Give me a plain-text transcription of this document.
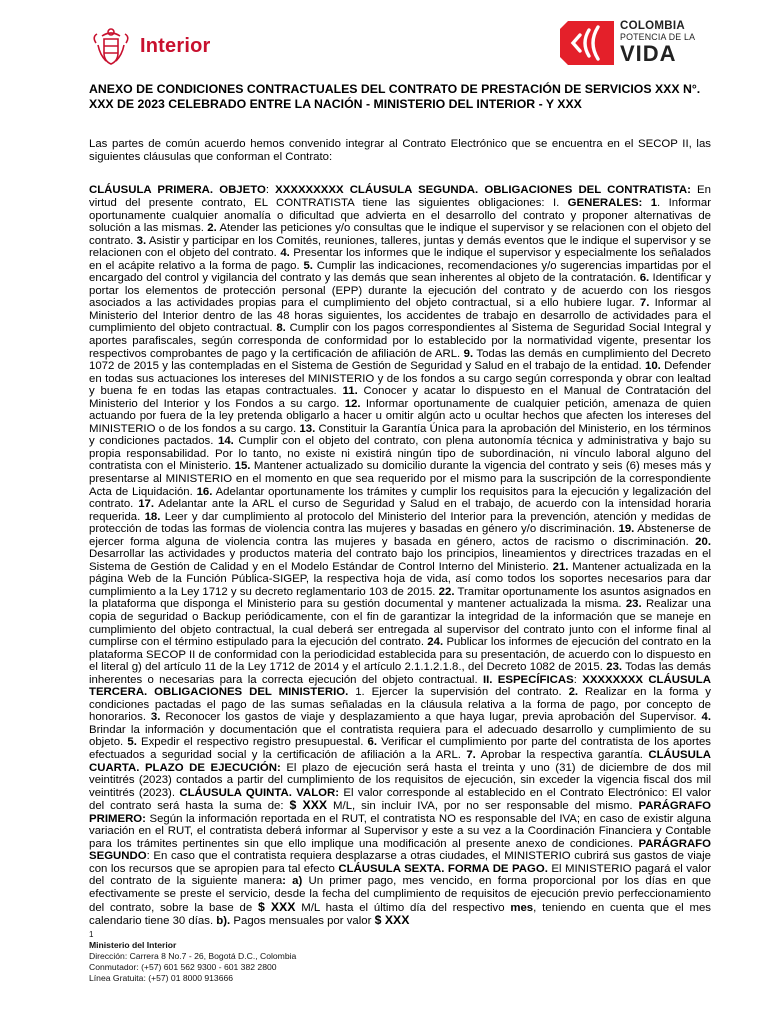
Interior
COLOMBIA
POTENCIA DE LA
VIDA

ANEXO DE CONDICIONES CONTRACTUALES DEL CONTRATO DE PRESTACIÓN DE SERVICIOS XXX N°. XXX DE 2023 CELEBRADO ENTRE LA NACIÓN - MINISTERIO DEL INTERIOR - Y XXX

Las partes de común acuerdo hemos convenido integrar al Contrato Electrónico que se encuentra en el SECOP II, las siguientes cláusulas que conforman el Contrato:

CLÁUSULA PRIMERA. OBJETO: XXXXXXXXX CLÁUSULA SEGUNDA. OBLIGACIONES DEL CONTRATISTA: En virtud del presente contrato, EL CONTRATISTA tiene las siguientes obligaciones: I. GENERALES: 1. Informar oportunamente cualquier anomalía o dificultad que advierta en el desarrollo del contrato y proponer alternativas de solución a las mismas. 2. Atender las peticiones y/o consultas que le indique el supervisor y se relacionen con el objeto del contrato. 3. Asistir y participar en los Comités, reuniones, talleres, juntas y demás eventos que le indique el supervisor y se relacionen con el objeto del contrato. 4. Presentar los informes que le indique el supervisor y especialmente los señalados en el acápite relativo a la forma de pago. 5. Cumplir las indicaciones, recomendaciones y/o sugerencias impartidas por el encargado del control y vigilancia del contrato y las demás que sean inherentes al objeto de la contratación. 6. Identificar y portar los elementos de protección personal (EPP) durante la ejecución del contrato y de acuerdo con los riesgos asociados a las actividades propias para el cumplimiento del objeto contractual, si a ello hubiere lugar. 7. Informar al Ministerio del Interior dentro de las 48 horas siguientes, los accidentes de trabajo en desarrollo de actividades para el cumplimiento del objeto contractual. 8. Cumplir con los pagos correspondientes al Sistema de Seguridad Social Integral y aportes parafiscales, según corresponda de conformidad por lo establecido por la normatividad vigente, presentar los respectivos comprobantes de pago y la certificación de afiliación de ARL. 9. Todas las demás en cumplimiento del Decreto 1072 de 2015 y las contempladas en el Sistema de Gestión de Seguridad y Salud en el trabajo de la entidad. 10. Defender en todas sus actuaciones los intereses del MINISTERIO y de los fondos a su cargo según corresponda y obrar con lealtad y buena fe en todas las etapas contractuales. 11. Conocer y acatar lo dispuesto en el Manual de Contratación del Ministerio del Interior y los Fondos a su cargo. 12. Informar oportunamente de cualquier petición, amenaza de quien actuando por fuera de la ley pretenda obligarlo a hacer u omitir algún acto u ocultar hechos que afecten los intereses del MINISTERIO o de los fondos a su cargo. 13. Constituir la Garantía Única para la aprobación del Ministerio, en los términos y condiciones pactados. 14. Cumplir con el objeto del contrato, con plena autonomía técnica y administrativa y bajo su propia responsabilidad. Por lo tanto, no existe ni existirá ningún tipo de subordinación, ni vínculo laboral alguno del contratista con el Ministerio. 15. Mantener actualizado su domicilio durante la vigencia del contrato y seis (6) meses más y presentarse al MINISTERIO en el momento en que sea requerido por el mismo para la suscripción de la correspondiente Acta de Liquidación. 16. Adelantar oportunamente los trámites y cumplir los requisitos para la ejecución y legalización del contrato. 17. Adelantar ante la ARL el curso de Seguridad y Salud en el trabajo, de acuerdo con la intensidad horaria requerida. 18. Leer y dar cumplimiento al protocolo del Ministerio del Interior para la prevención, atención y medidas de protección de todas las formas de violencia contra las mujeres y basadas en género y/o discriminación. 19. Abstenerse de ejercer forma alguna de violencia contra las mujeres y basada en género, actos de racismo o discriminación. 20. Desarrollar las actividades y productos materia del contrato bajo los principios, lineamientos y directrices trazadas en el Sistema de Gestión de Calidad y en el Modelo Estándar de Control Interno del Ministerio. 21. Mantener actualizada en la página Web de la Función Pública-SIGEP, la respectiva hoja de vida, así como todos los soportes necesarios para dar cumplimiento a la Ley 1712 y su decreto reglamentario 103 de 2015. 22. Tramitar oportunamente los asuntos asignados en la plataforma que disponga el Ministerio para su gestión documental y mantener actualizada la misma. 23. Realizar una copia de seguridad o Backup periódicamente, con el fin de garantizar la integridad de la información que se maneje en cumplimiento del objeto contractual, la cual deberá ser entregada al supervisor del contrato junto con el informe final al cumplirse con el término estipulado para la ejecución del contrato. 24. Publicar los informes de ejecución del contrato en la plataforma SECOP II de conformidad con la periodicidad establecida para su presentación, de acuerdo con lo dispuesto en el literal g) del artículo 11 de la Ley 1712 de 2014 y el artículo 2.1.1.2.1.8., del Decreto 1082 de 2015. 23. Todas las demás inherentes o necesarias para la correcta ejecución del objeto contractual. II. ESPECÍFICAS: XXXXXXXX CLÁUSULA TERCERA. OBLIGACIONES DEL MINISTERIO. 1. Ejercer la supervisión del contrato. 2. Realizar en la forma y condiciones pactadas el pago de las sumas señaladas en la cláusula relativa a la forma de pago, por concepto de honorarios. 3. Reconocer los gastos de viaje y desplazamiento a que haya lugar, previa aprobación del Supervisor. 4. Brindar la información y documentación que el contratista requiera para el adecuado desarrollo y cumplimiento de su objeto. 5. Expedir el respectivo registro presupuestal. 6. Verificar el cumplimiento por parte del contratista de los aportes efectuados a seguridad social y la certificación de afiliación a la ARL. 7. Aprobar la respectiva garantía. CLÁUSULA CUARTA. PLAZO DE EJECUCIÓN: El plazo de ejecución será hasta el treinta y uno (31) de diciembre de dos mil veintitrés (2023) contados a partir del cumplimiento de los requisitos de ejecución, sin exceder la vigencia fiscal dos mil veintitrés (2023). CLÁUSULA QUINTA. VALOR: El valor corresponde al establecido en el Contrato Electrónico: El valor del contrato será hasta la suma de: $ XXX M/L, sin incluir IVA, por no ser responsable del mismo. PARÁGRAFO PRIMERO: Según la información reportada en el RUT, el contratista NO es responsable del IVA; en caso de existir alguna variación en el RUT, el contratista deberá informar al Supervisor y este a su vez a la Coordinación Financiera y Contable para los trámites pertinentes sin que ello implique una modificación al presente anexo de condiciones. PARÁGRAFO SEGUNDO: En caso que el contratista requiera desplazarse a otras ciudades, el MINISTERIO cubrirá sus gastos de viaje con los recursos que se apropien para tal efecto CLÁUSULA SEXTA. FORMA DE PAGO. El MINISTERIO pagará el valor del contrato de la siguiente manera: a) Un primer pago, mes vencido, en forma proporcional por los días en que efectivamente se preste el servicio, desde la fecha del cumplimiento de requisitos de ejecución previo perfeccionamiento del contrato, sobre la base de $ XXX M/L hasta el último día del respectivo mes, teniendo en cuenta que el mes calendario tiene 30 días. b). Pagos mensuales por valor $ XXX

1
Ministerio del Interior
Dirección: Carrera 8 No.7 - 26, Bogotá D.C., Colombia
Conmutador: (+57) 601 562 9300 - 601 382 2800
Línea Gratuita: (+57) 01 8000 913666
